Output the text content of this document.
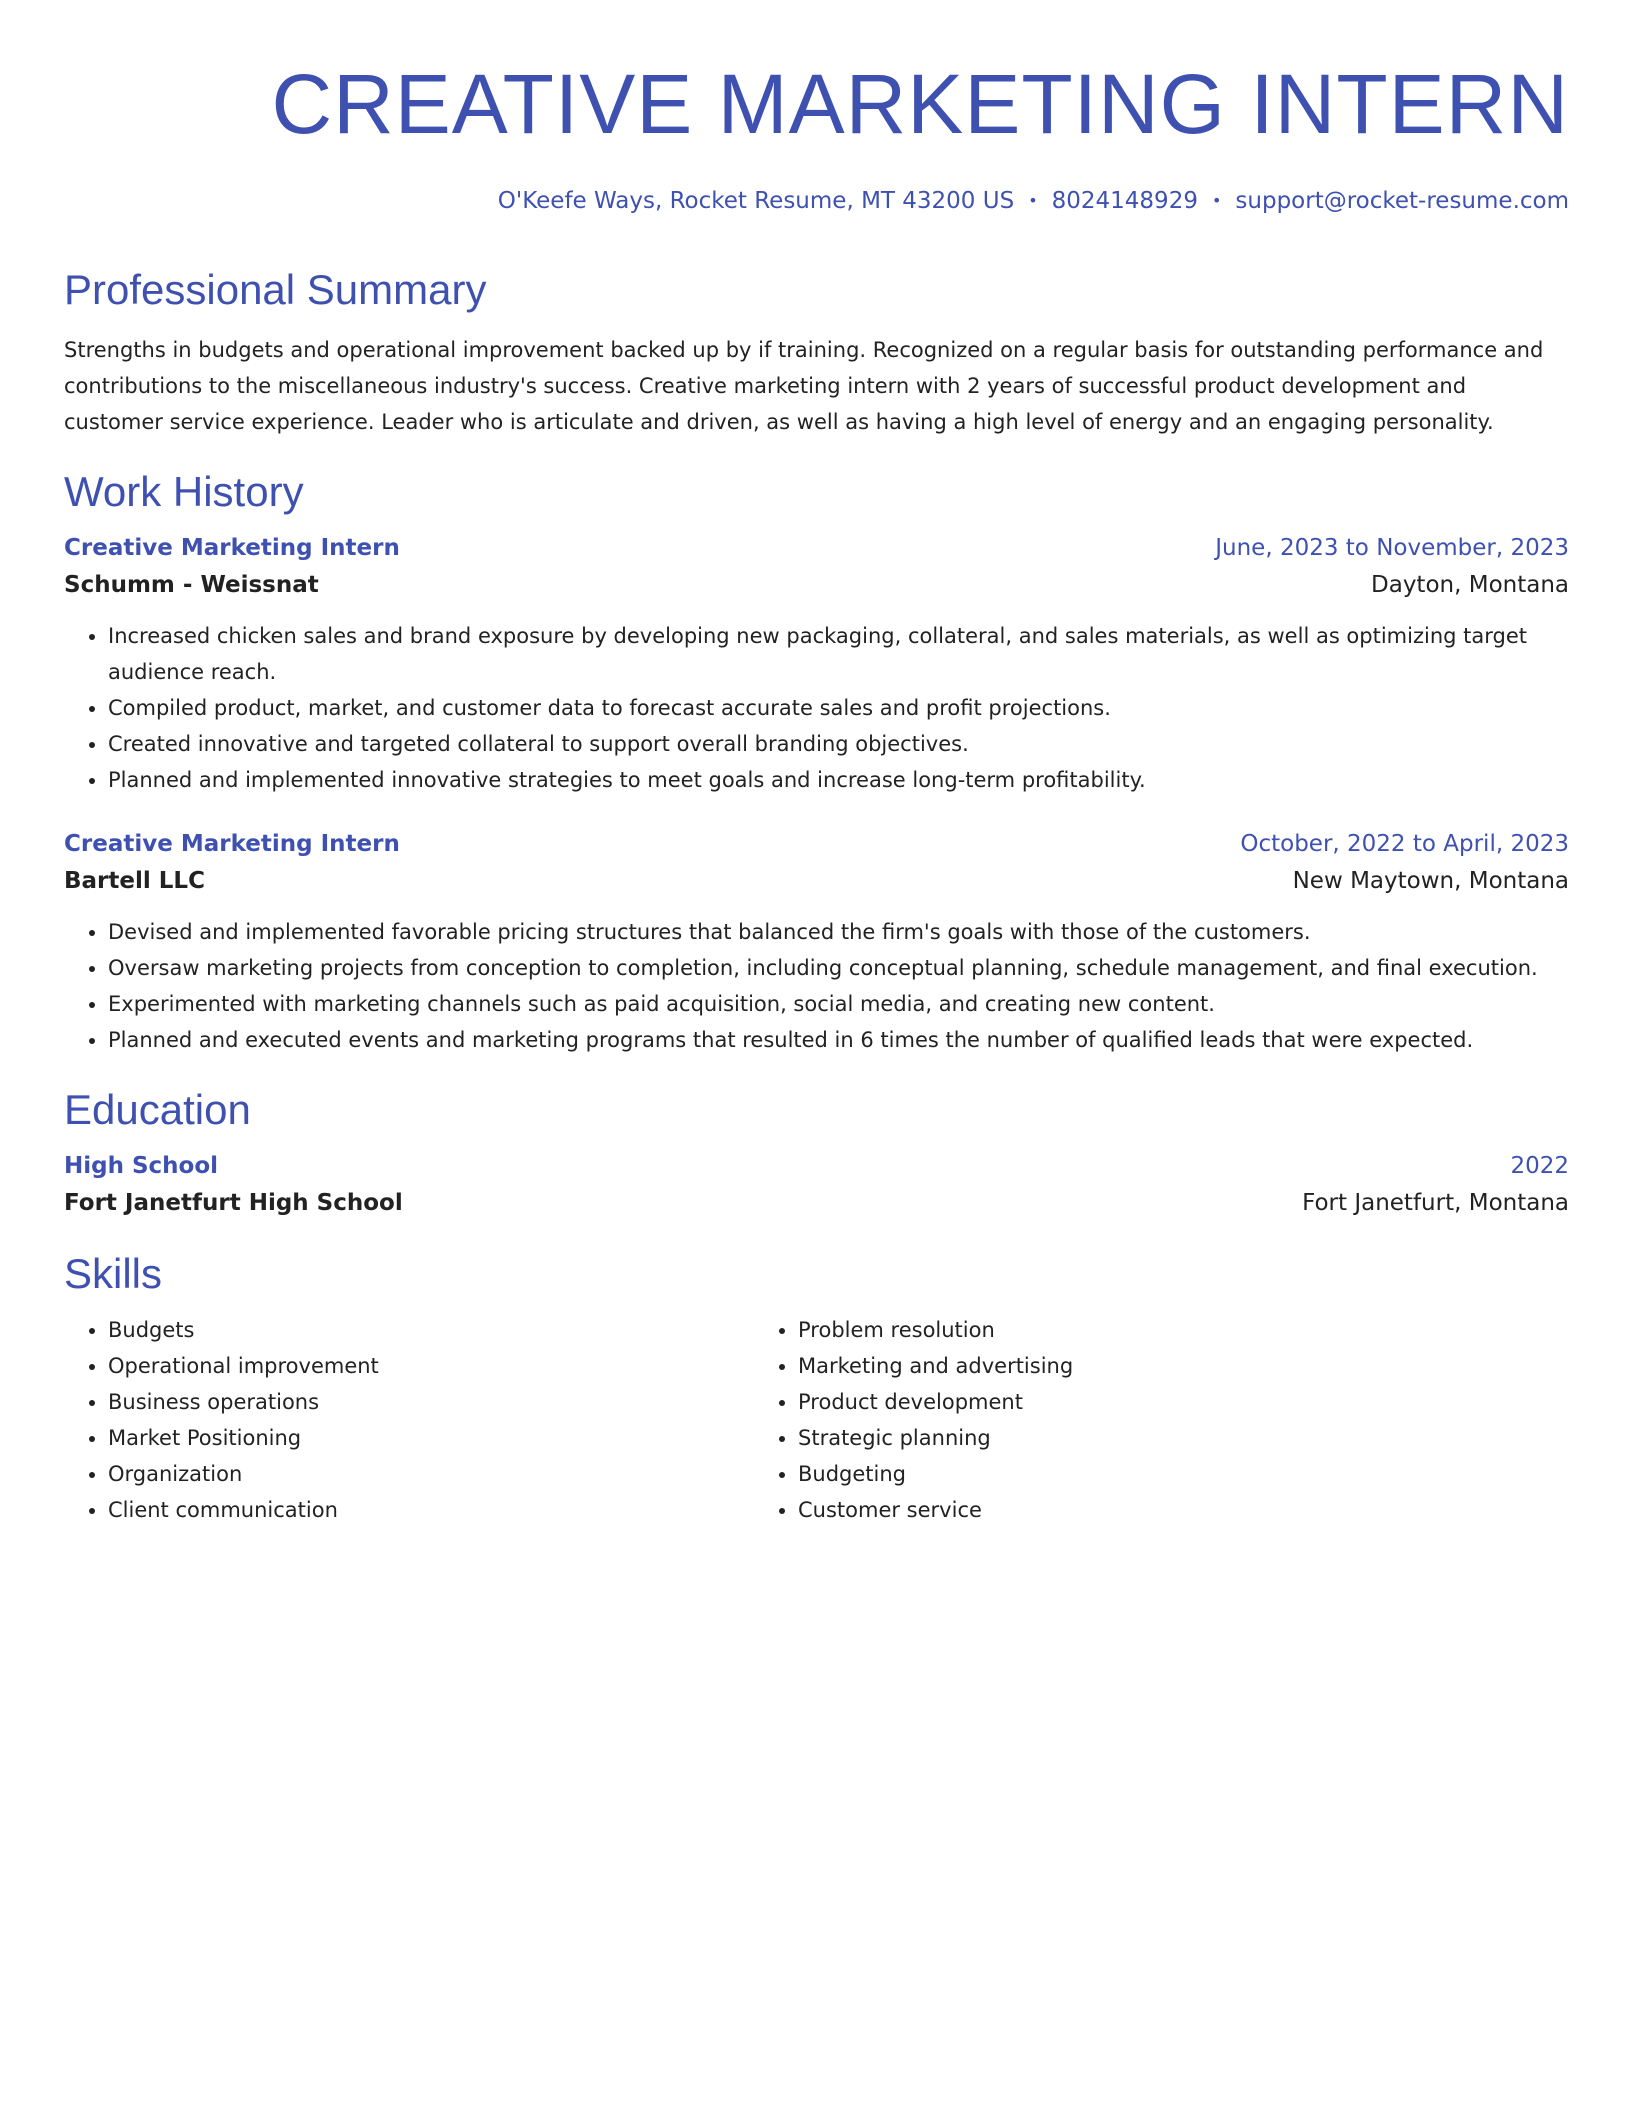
CREATIVE MARKETING INTERN
O'Keefe Ways, Rocket Resume, MT 43200 US • 8024148929 • support@rocket-resume.com
Professional Summary

Strengths in budgets and operational improvement backed up by if training. Recognized on a regular basis for outstanding performance and contributions to the miscellaneous industry's success. Creative marketing intern with 2 years of successful product development and customer service experience. Leader who is articulate and driven, as well as having a high level of energy and an engaging personality.

Work History
Creative Marketing Intern	June, 2023 to November, 2023
Schumm - Weissnat	Dayton, Montana
• Increased chicken sales and brand exposure by developing new packaging, collateral, and sales materials, as well as optimizing target audience reach.
• Compiled product, market, and customer data to forecast accurate sales and profit projections.
• Created innovative and targeted collateral to support overall branding objectives.
• Planned and implemented innovative strategies to meet goals and increase long-term profitability.
Creative Marketing Intern	October, 2022 to April, 2023
Bartell LLC	New Maytown, Montana
• Devised and implemented favorable pricing structures that balanced the firm's goals with those of the customers.
• Oversaw marketing projects from conception to completion, including conceptual planning, schedule management, and final execution.
• Experimented with marketing channels such as paid acquisition, social media, and creating new content.
• Planned and executed events and marketing programs that resulted in 6 times the number of qualified leads that were expected.
Education
High School	2022
Fort Janetfurt High School	Fort Janetfurt, Montana
Skills
• Budgets
• Operational improvement
• Business operations
• Market Positioning
• Organization
• Client communication
• Problem resolution
• Marketing and advertising
• Product development
• Strategic planning
• Budgeting
• Customer service
